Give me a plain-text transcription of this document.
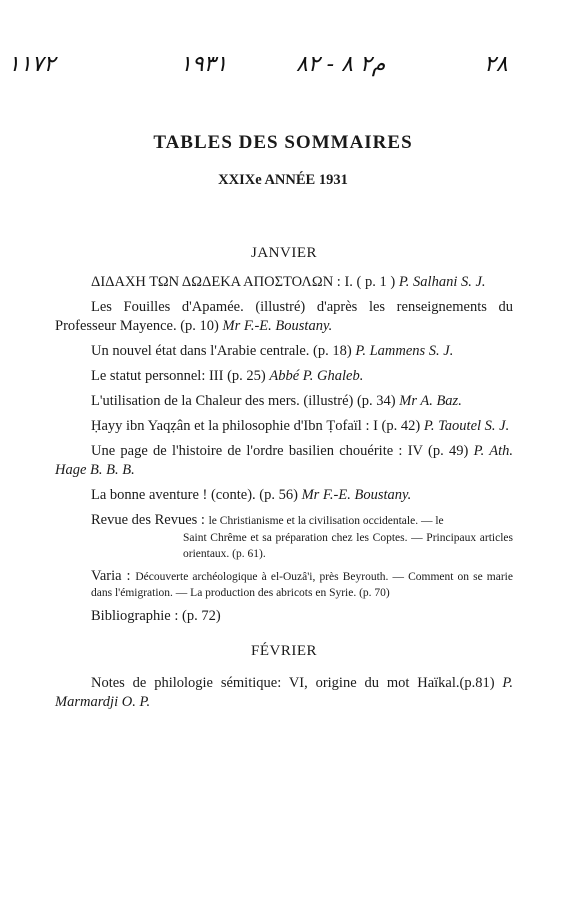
۱۱۷۲	۱۹۳۱	م۲ ۸ - ۸۲	۲۸
TABLES DES SOMMAIRES
XXIXe ANNÉE 1931
JANVIER

ΔΙΔΑΧΗ ΤΩΝ ΔΩΔΕΚΑ ΑΠΟΣΤΟΛΩΝ : I. ( p. 1 ) P. Salhani S. J.

Les Fouilles d'Apamée. (illustré) d'après les renseignements du Professeur Mayence. (p. 10) Mr F.-E. Boustany.

Un nouvel état dans l'Arabie centrale. (p. 18) P. Lammens S. J.

Le statut personnel: III (p. 25) Abbé P. Ghaleb.

L'utilisation de la Chaleur des mers. (illustré) (p. 34) Mr A. Baz.

Ḥayy ibn Yaqẓân et la philosophie d'Ibn Ṭofaïl : I (p. 42) P. Taoutel S. J.

Une page de l'histoire de l'ordre basilien chouérite : IV (p. 49) P. Ath. Hage B. B. B.

La bonne aventure ! (conte). (p. 56) Mr F.-E. Boustany.

Revue des Revues : le Christianisme et la civilisation occidentale. — le
Saint Chrême et sa préparation chez les Coptes. — Principaux articles orientaux. (p. 61).
Varia : Découverte archéologique à el-Ouzâ'i, près Beyrouth. — Comment on se marie dans l'émigration. — La production des abricots en Syrie. (p. 70)

Bibliographie : (p. 72)

FÉVRIER

Notes de philologie sémitique: VI, origine du mot Haïkal.(p.81) P. Marmardji O. P.
